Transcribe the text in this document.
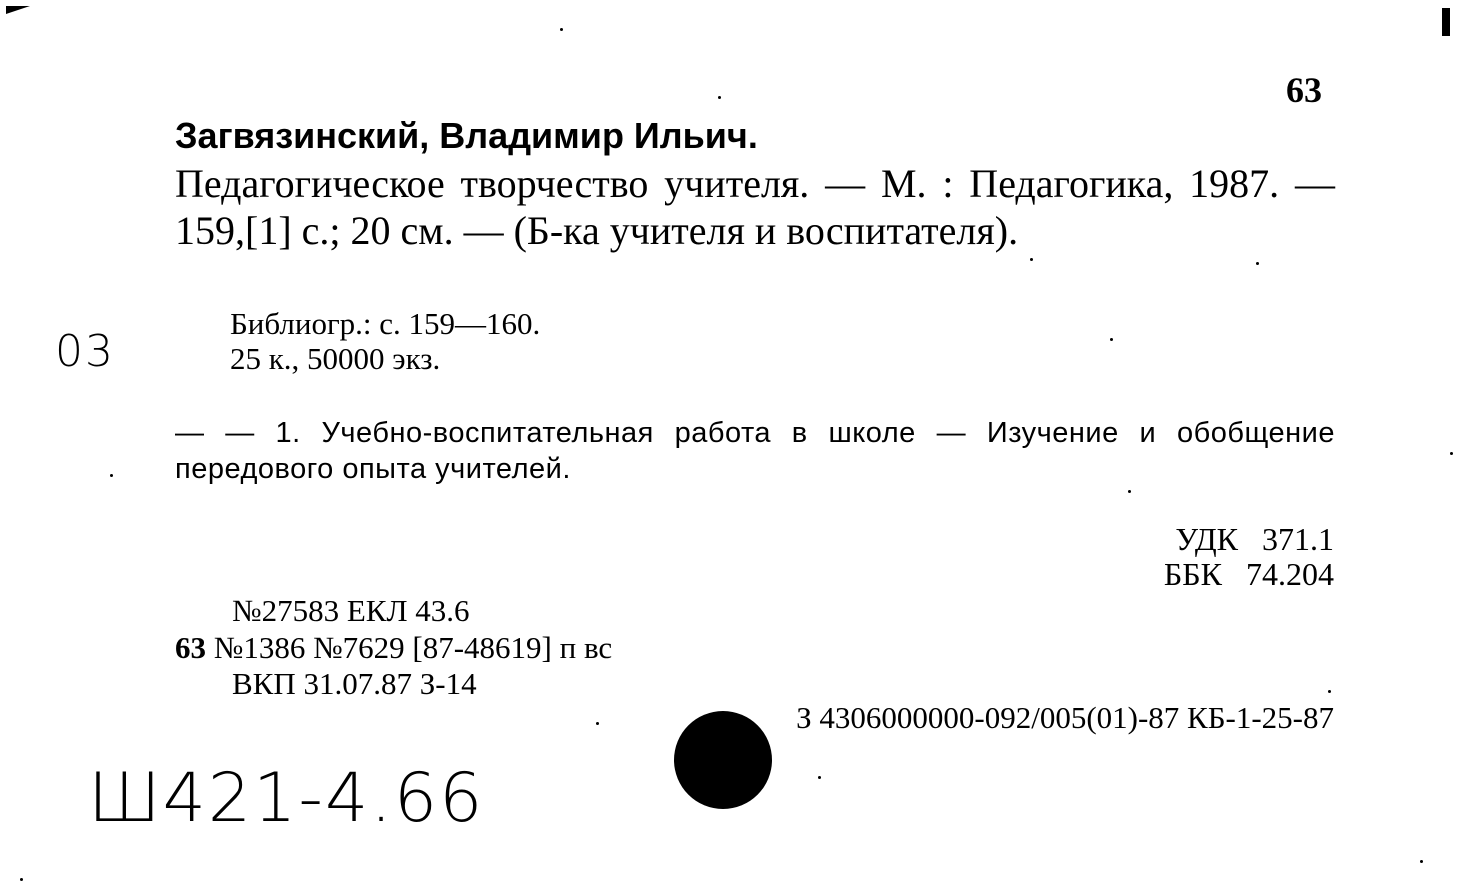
63
Загвязинский, Владимир Ильич.
Педагогическое творчество учителя. — М. : Педагогика, 1987. — 159,[1] с.; 20 см. — (Б-ка учителя и воспитателя).
03
Библиогр.: с. 159—160.
25 к., 50000 экз.
— — 1. Учебно-воспитательная работа в школе — Изучение и обобщение передового опыта учителей.
УДК 371.1
ББК 74.204
№27583 ЕКЛ 43.6
63 №1386 №7629 [87-48619] п вс
ВКП 31.07.87 З-14
З 4306000000-092/005(01)-87 КБ-1-25-87
Ш421-4.66
